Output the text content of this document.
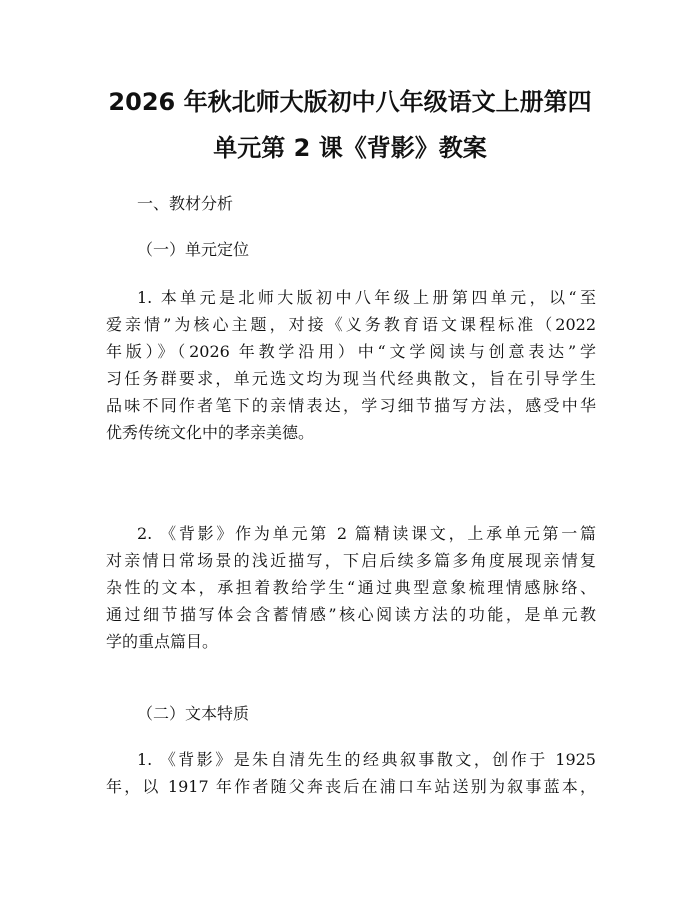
2026 年秋北师大版初中八年级语文上册第四
单元第 2 课《背影》教案
一、教材分析
（一）单元定位
1. 本单元是北师大版初中八年级上册第四单元，以“至
爱亲情”为核心主题，对接《义务教育语文课程标准（2022
年版）》（2026 年教学沿用）中“文学阅读与创意表达”学
习任务群要求，单元选文均为现当代经典散文，旨在引导学生
品味不同作者笔下的亲情表达，学习细节描写方法，感受中华
优秀传统文化中的孝亲美德。
2. 《背影》作为单元第 2 篇精读课文，上承单元第一篇
对亲情日常场景的浅近描写，下启后续多篇多角度展现亲情复
杂性的文本，承担着教给学生“通过典型意象梳理情感脉络、
通过细节描写体会含蓄情感”核心阅读方法的功能，是单元教
学的重点篇目。
（二）文本特质
1. 《背影》是朱自清先生的经典叙事散文，创作于 1925
年，以 1917 年作者随父奔丧后在浦口车站送别为叙事蓝本，
